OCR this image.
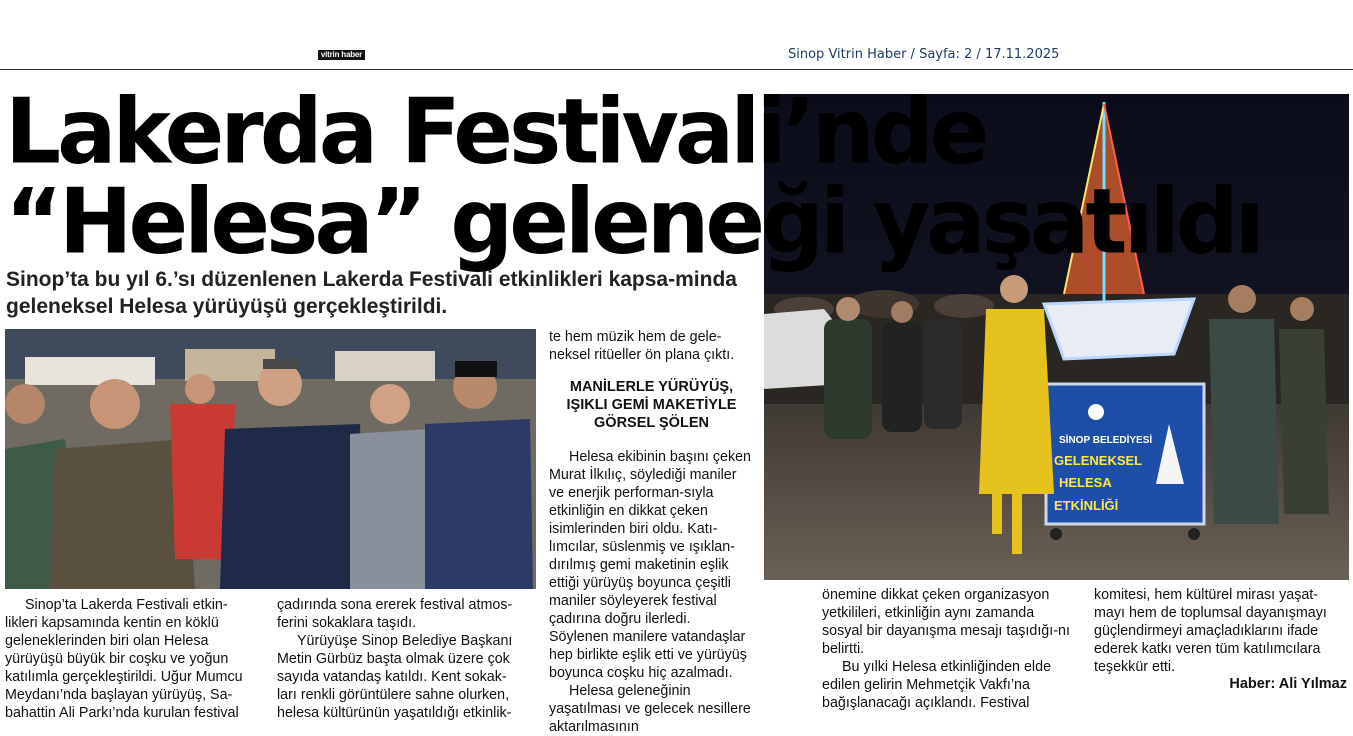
vitrin haber	Sinop Vitrin Haber / Sayfa: 2 / 17.11.2025
SİNOP BELEDİYESİ
GELENEKSEL
HELESA
ETKİNLİĞİ
Lakerda Festivali’nde
“Helesa” geleneği yaşatıldı
Sinop’ta bu yıl 6.’sı düzenlenen Lakerda Festivali etkinlikleri kapsa-minda geleneksel Helesa yürüyüşü gerçekleştirildi.

Sinop’ta Lakerda Festivali etkin-likleri kapsamında kentin en köklü geleneklerinden biri olan Helesa yürüyüşü büyük bir coşku ve yoğun katılımla gerçekleştirildi. Uğur Mumcu Meydanı’nda başlayan yürüyüş, Sa-bahattin Ali Parkı’nda kurulan festival

çadırında sona ererek festival atmos-ferini sokaklara taşıdı.

Yürüyüşe Sinop Belediye Başkanı Metin Gürbüz başta olmak üzere çok sayıda vatandaş katıldı. Kent sokak-ları renkli görüntülere sahne olurken, helesa kültürünün yaşatıldığı etkinlik-

te hem müzik hem de gele-neksel ritüeller ön plana çıktı.

MANİLERLE YÜRÜYÜŞ, IŞIKLI GEMİ MAKETİYLE GÖRSEL ŞÖLEN

Helesa ekibinin başını çeken Murat İlkılıç, söylediği maniler ve enerjik performan-sıyla etkinliğin en dikkat çeken isimlerinden biri oldu. Katı-lımcılar, süslenmiş ve ışıklan-dırılmış gemi maketinin eşlik ettiği yürüyüş boyunca çeşitli maniler söyleyerek festival çadırına doğru ilerledi. Söylenen manilere vatandaşlar hep birlikte eşlik etti ve yürüyüş boyunca coşku hiç azalmadı.

Helesa geleneğinin yaşatılması ve gelecek nesillere aktarılmasının

önemine dikkat çeken organizasyon yetkilileri, etkinliğin aynı zamanda sosyal bir dayanışma mesajı taşıdığı-nı belirtti.

Bu yılki Helesa etkinliğinden elde edilen gelirin Mehmetçik Vakfı’na bağışlanacağı açıklandı. Festival

komitesi, hem kültürel mirası yaşat-mayı hem de toplumsal dayanışmayı güçlendirmeyi amaçladıklarını ifade ederek katkı veren tüm katılımcılara teşekkür etti.

Haber: Ali Yılmaz
